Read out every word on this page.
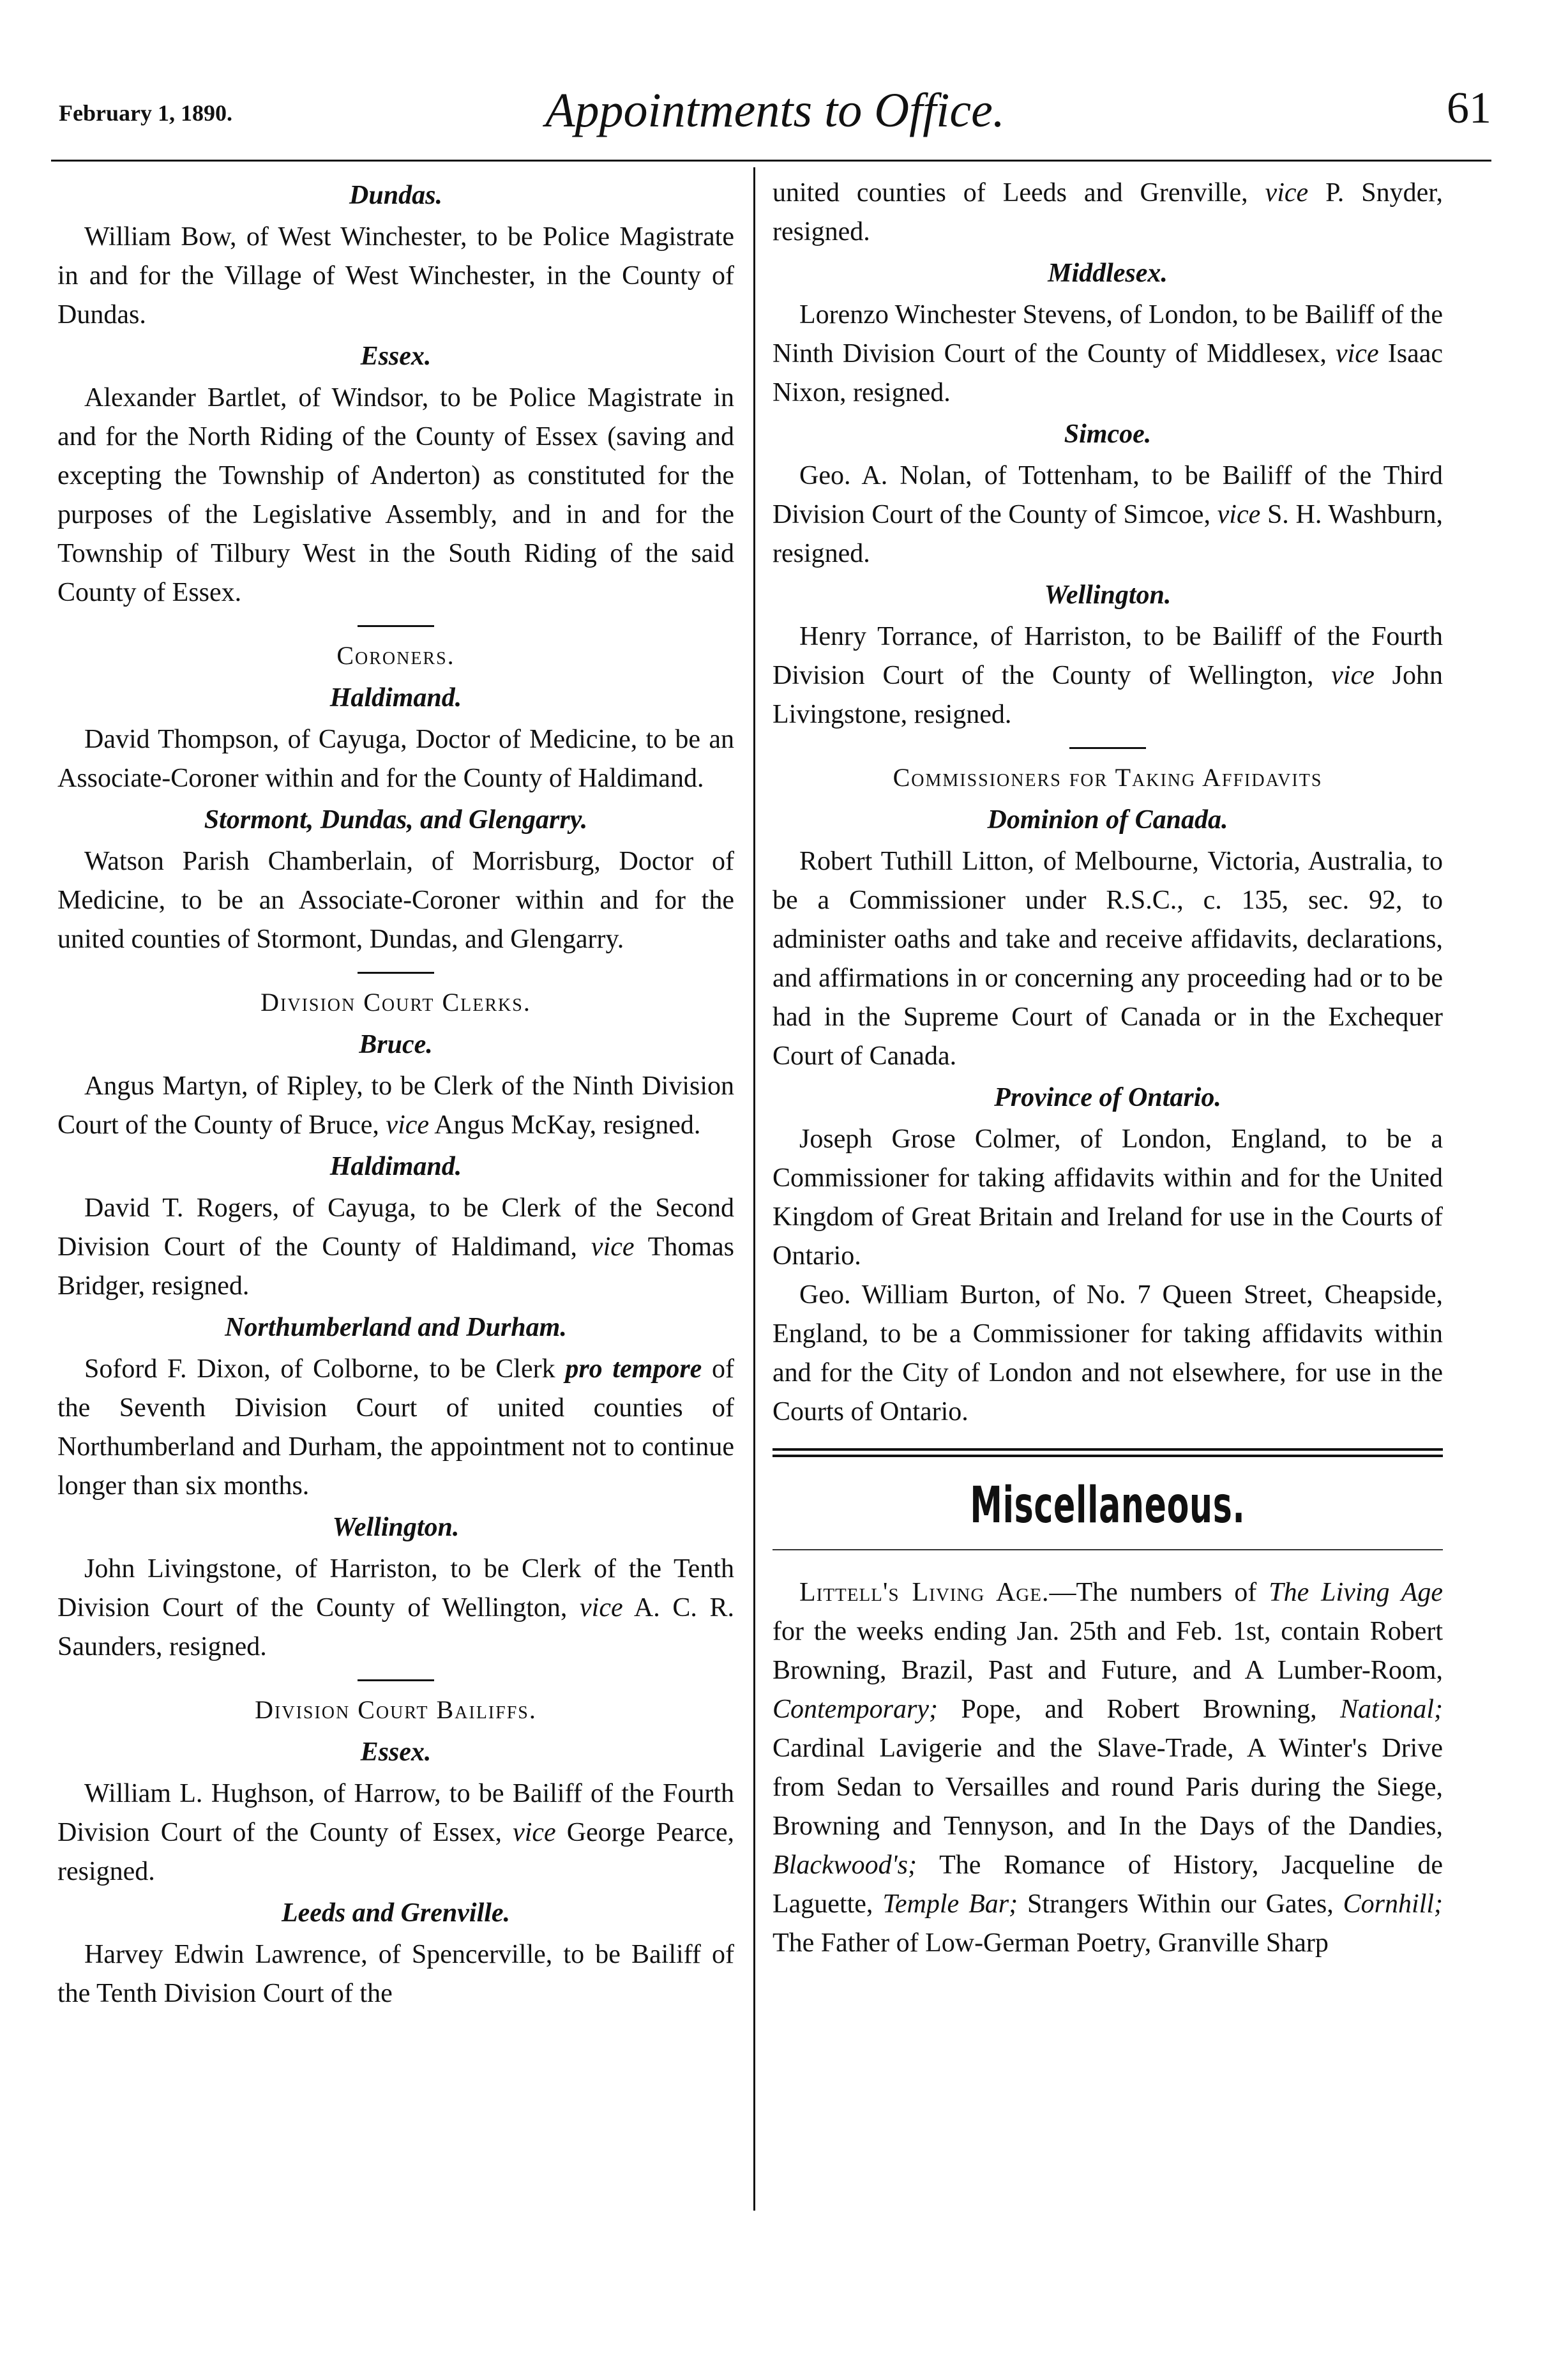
February 1, 1890.	Appointments to Office.	61
Dundas.

William Bow, of West Winchester, to be Police Magistrate in and for the Village of West Winchester, in the County of Dundas.

Essex.

Alexander Bartlet, of Windsor, to be Police Magistrate in and for the North Riding of the County of Essex (saving and excepting the Township of Anderton) as constituted for the purposes of the Legislative Assembly, and in and for the Township of Tilbury West in the South Riding of the said County of Essex.

Coroners.
Haldimand.

David Thompson, of Cayuga, Doctor of Medicine, to be an Associate-Coroner within and for the County of Haldimand.

Stormont, Dundas, and Glengarry.

Watson Parish Chamberlain, of Morrisburg, Doctor of Medicine, to be an Associate-Coroner within and for the united counties of Stormont, Dundas, and Glengarry.

Division Court Clerks.
Bruce.

Angus Martyn, of Ripley, to be Clerk of the Ninth Division Court of the County of Bruce, vice Angus McKay, resigned.

Haldimand.

David T. Rogers, of Cayuga, to be Clerk of the Second Division Court of the County of Haldimand, vice Thomas Bridger, resigned.

Northumberland and Durham.

Soford F. Dixon, of Colborne, to be Clerk pro tempore of the Seventh Division Court of united counties of Northumberland and Durham, the appointment not to continue longer than six months.

Wellington.

John Livingstone, of Harriston, to be Clerk of the Tenth Division Court of the County of Wellington, vice A. C. R. Saunders, resigned.

Division Court Bailiffs.
Essex.

William L. Hughson, of Harrow, to be Bailiff of the Fourth Division Court of the County of Essex, vice George Pearce, resigned.

Leeds and Grenville.

Harvey Edwin Lawrence, of Spencerville, to be Bailiff of the Tenth Division Court of the

united counties of Leeds and Grenville, vice P. Snyder, resigned.

Middlesex.

Lorenzo Winchester Stevens, of London, to be Bailiff of the Ninth Division Court of the County of Middlesex, vice Isaac Nixon, resigned.

Simcoe.

Geo. A. Nolan, of Tottenham, to be Bailiff of the Third Division Court of the County of Simcoe, vice S. H. Washburn, resigned.

Wellington.

Henry Torrance, of Harriston, to be Bailiff of the Fourth Division Court of the County of Wellington, vice John Livingstone, resigned.

Commissioners for Taking Affidavits
Dominion of Canada.

Robert Tuthill Litton, of Melbourne, Victoria, Australia, to be a Commissioner under R.S.C., c. 135, sec. 92, to administer oaths and take and receive affidavits, declarations, and affirmations in or concerning any proceeding had or to be had in the Supreme Court of Canada or in the Exchequer Court of Canada.

Province of Ontario.

Joseph Grose Colmer, of London, England, to be a Commissioner for taking affidavits within and for the United Kingdom of Great Britain and Ireland for use in the Courts of Ontario.

Geo. William Burton, of No. 7 Queen Street, Cheapside, England, to be a Commissioner for taking affidavits within and for the City of London and not elsewhere, for use in the Courts of Ontario.

Miscellaneous.

Littell's Living Age.—The numbers of The Living Age for the weeks ending Jan. 25th and Feb. 1st, contain Robert Browning, Brazil, Past and Future, and A Lumber-Room, Contemporary; Pope, and Robert Browning, National; Cardinal Lavigerie and the Slave-Trade, A Winter's Drive from Sedan to Versailles and round Paris during the Siege, Browning and Tennyson, and In the Days of the Dandies, Blackwood's; The Romance of History, Jacqueline de Laguette, Temple Bar; Strangers Within our Gates, Cornhill; The Father of Low-German Poetry, Granville Sharp
